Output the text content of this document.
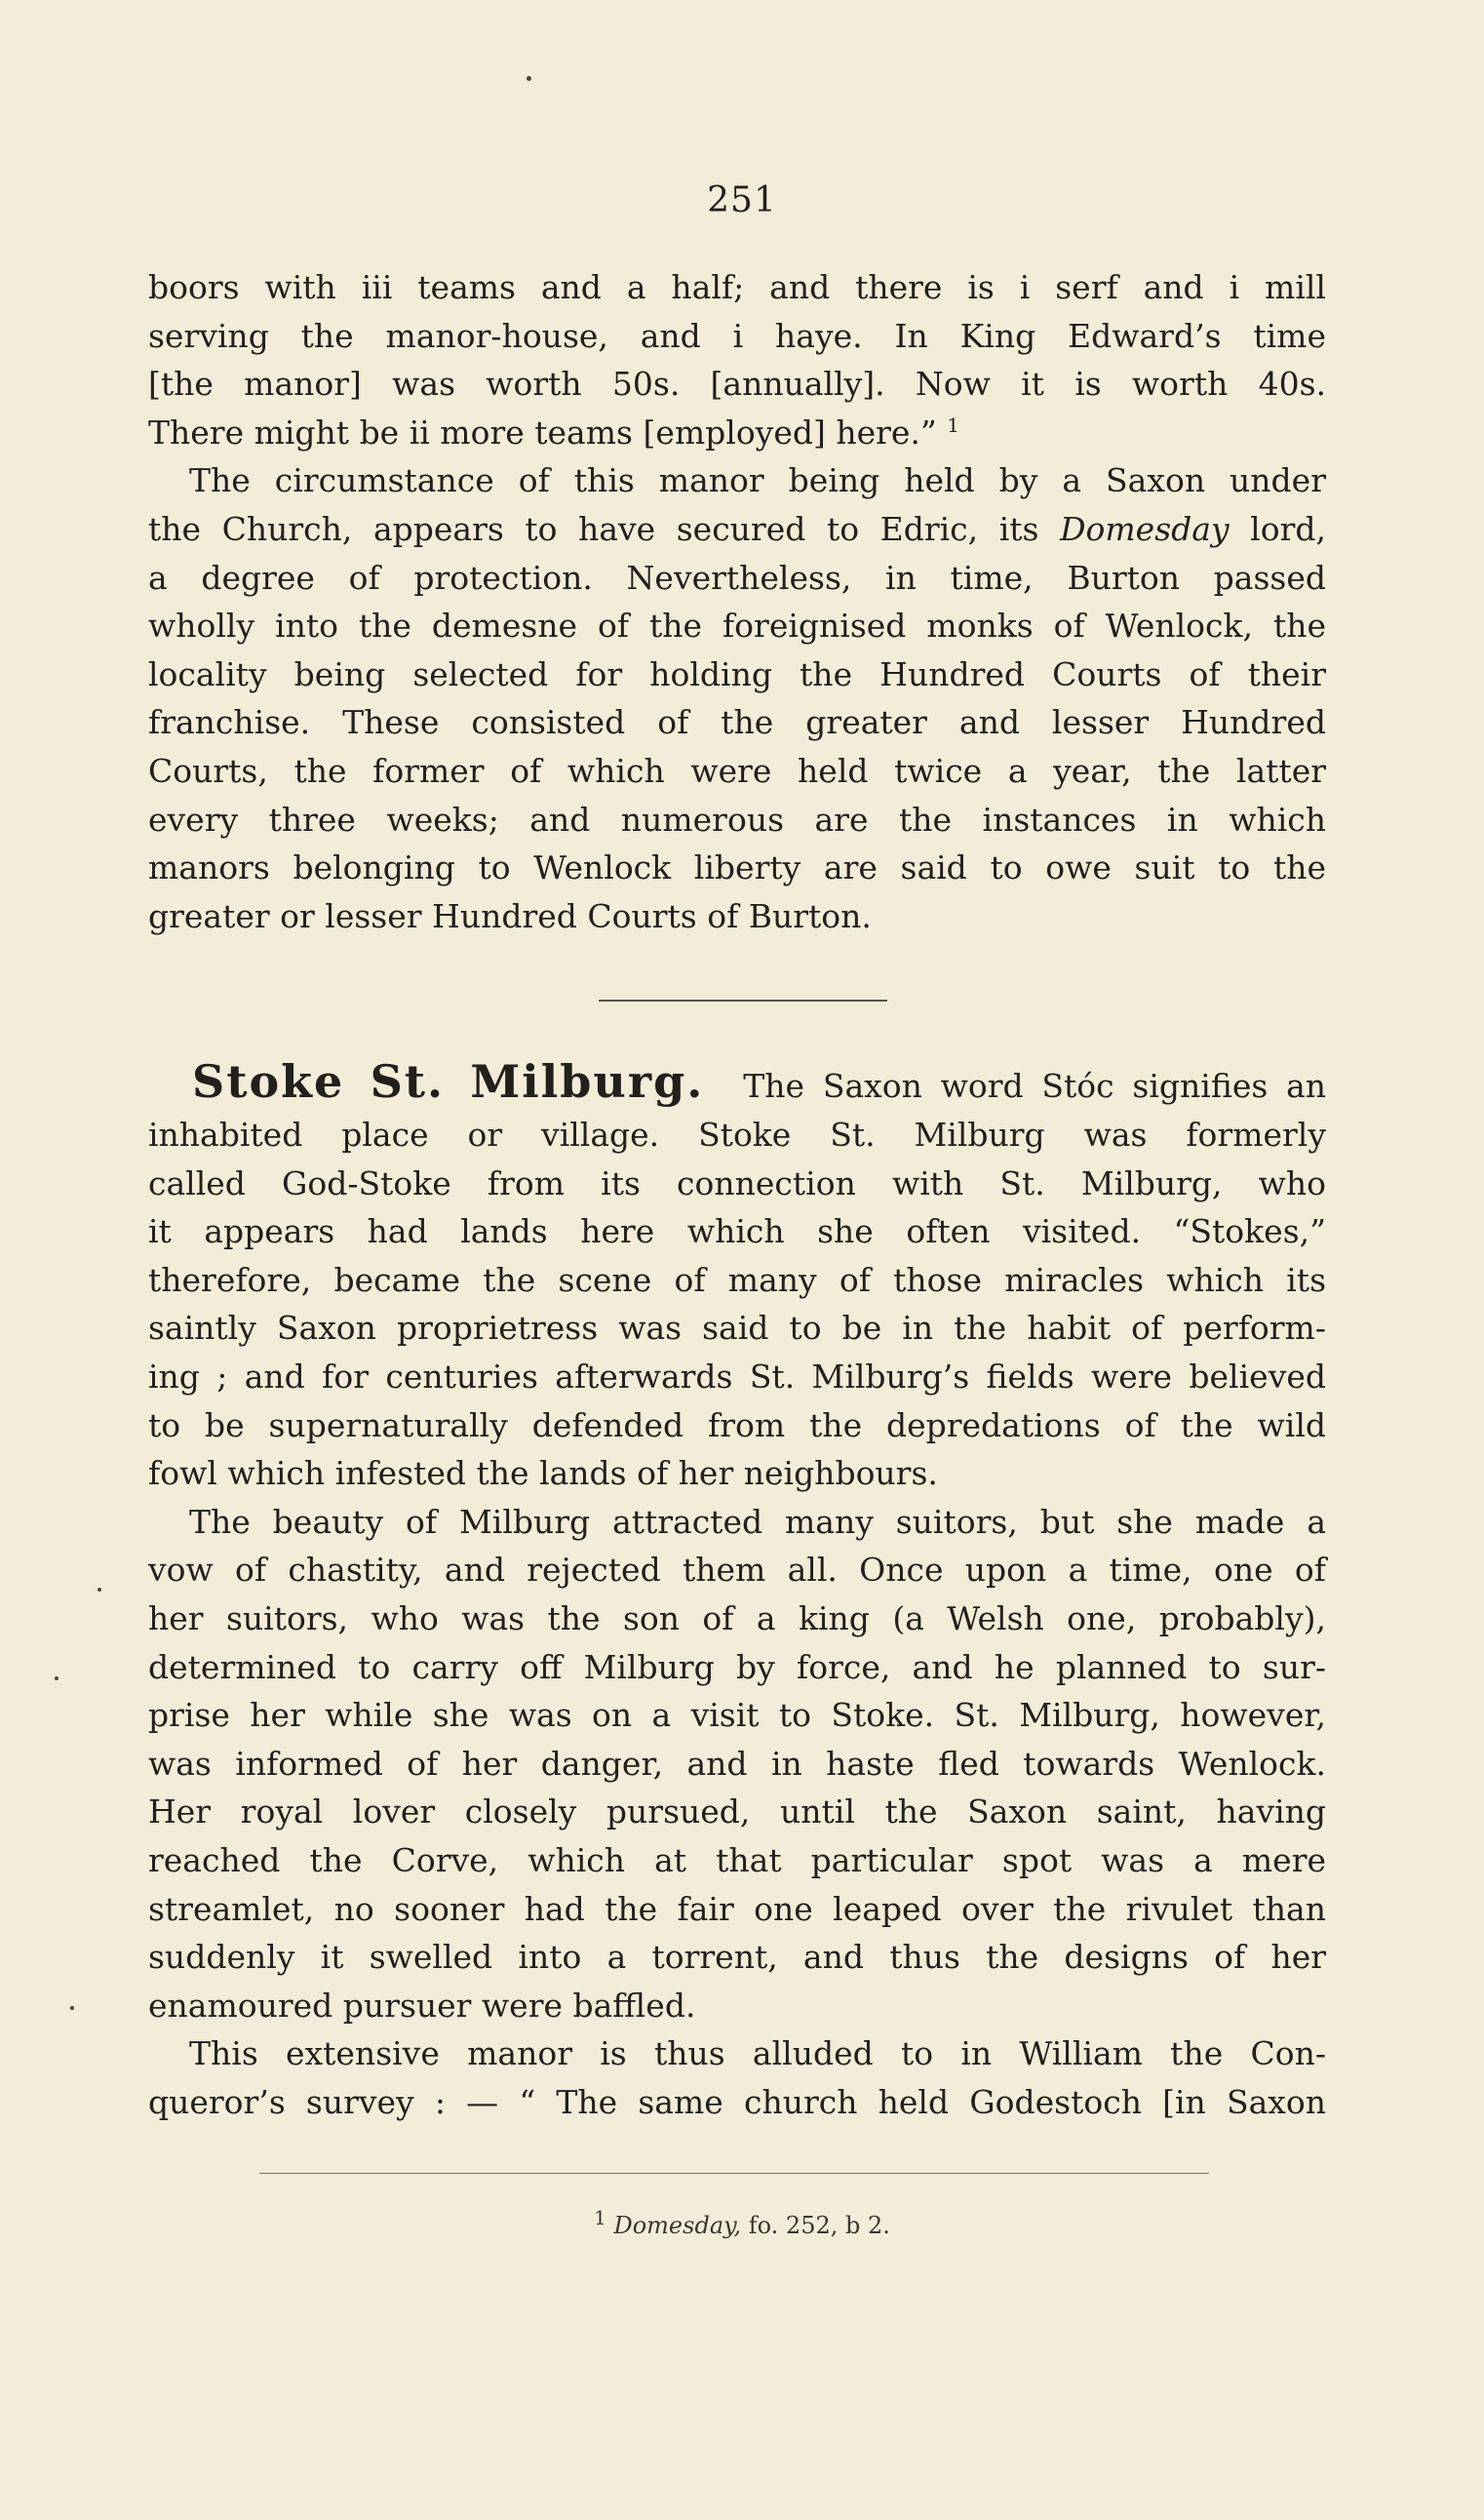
251
boors with iii teams and a half; and there is i serf and i mill
serving the manor-house, and i haye. In King Edward’s time
[the manor] was worth 50s. [annually]. Now it is worth 40s.
There might be ii more teams [employed] here.” $^1$
The circumstance of this manor being held by a Saxon under
the Church, appears to have secured to Edric, its Domesday lord,
a degree of protection. Nevertheless, in time, Burton passed
wholly into the demesne of the foreignised monks of Wenlock, the
locality being selected for holding the Hundred Courts of their
franchise. These consisted of the greater and lesser Hundred
Courts, the former of which were held twice a year, the latter
every three weeks; and numerous are the instances in which
manors belonging to Wenlock liberty are said to owe suit to the
greater or lesser Hundred Courts of Burton.
Stoke St. Milburg. The Saxon word Stóc signifies an
inhabited place or village. Stoke St. Milburg was formerly
called God-Stoke from its connection with St. Milburg, who
it appears had lands here which she often visited. “Stokes,”
therefore, became the scene of many of those miracles which its
saintly Saxon proprietress was said to be in the habit of perform-
ing ; and for centuries afterwards St. Milburg’s fields were believed
to be supernaturally defended from the depredations of the wild
fowl which infested the lands of her neighbours.
The beauty of Milburg attracted many suitors, but she made a
vow of chastity, and rejected them all. Once upon a time, one of
her suitors, who was the son of a king (a Welsh one, probably),
determined to carry off Milburg by force, and he planned to sur-
prise her while she was on a visit to Stoke. St. Milburg, however,
was informed of her danger, and in haste fled towards Wenlock.
Her royal lover closely pursued, until the Saxon saint, having
reached the Corve, which at that particular spot was a mere
streamlet, no sooner had the fair one leaped over the rivulet than
suddenly it swelled into a torrent, and thus the designs of her
enamoured pursuer were baffled.
This extensive manor is thus alluded to in William the Con-
queror’s survey : — “ The same church held Godestoch [in Saxon
$^1$ Domesday, fo. 252, b 2.
